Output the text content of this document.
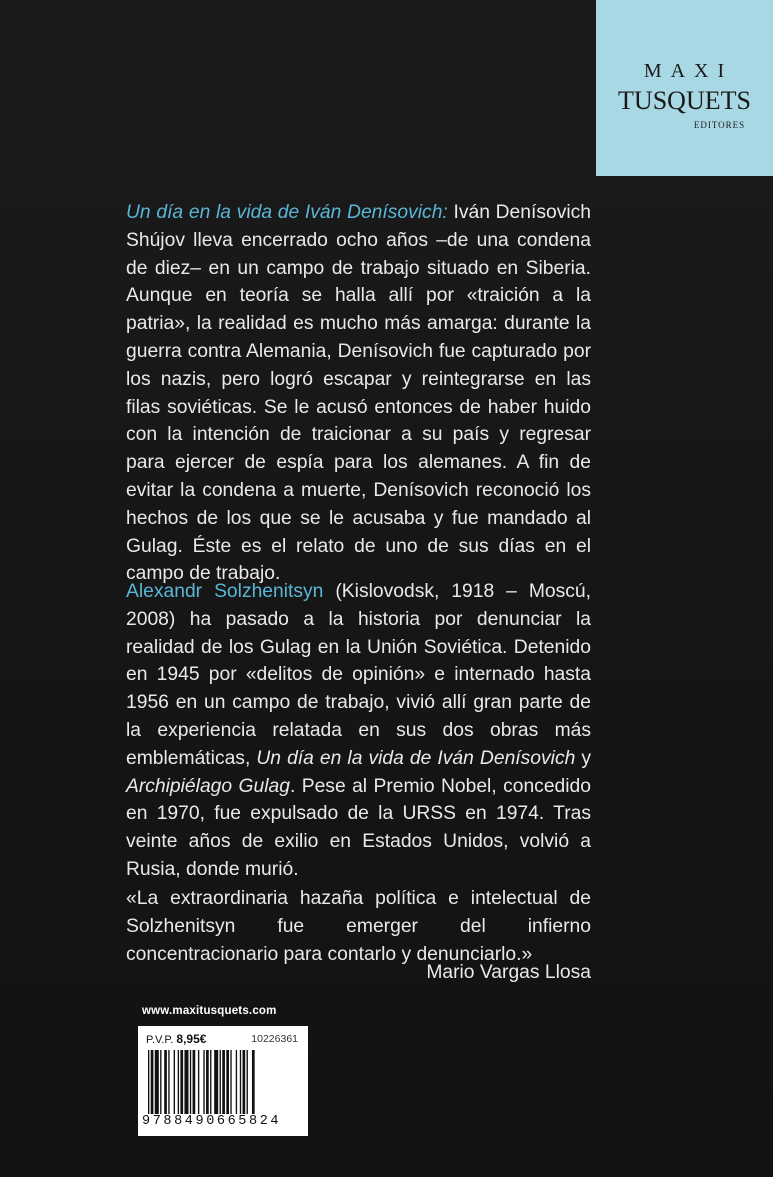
MAXI
TUSQUETS
EDITORES

Un día en la vida de Iván Denísovich: Iván Denísovich Shújov lleva encerrado ocho años –de una condena de diez– en un campo de trabajo situado en Siberia. Aunque en teoría se halla allí por «traición a la patria», la realidad es mucho más amarga: durante la guerra contra Alemania, Denísovich fue capturado por los nazis, pero logró escapar y reintegrarse en las filas soviéticas. Se le acusó entonces de haber huido con la intención de traicionar a su país y regresar para ejercer de espía para los alemanes. A fin de evitar la condena a muerte, Denísovich reconoció los hechos de los que se le acusaba y fue mandado al Gulag. Éste es el relato de uno de sus días en el campo de trabajo.

Alexandr Solzhenitsyn (Kislovodsk, 1918 – Moscú, 2008) ha pasado a la historia por denunciar la realidad de los Gulag en la Unión Soviética. Detenido en 1945 por «delitos de opinión» e internado hasta 1956 en un campo de trabajo, vivió allí gran parte de la experiencia relatada en sus dos obras más emblemáticas, Un día en la vida de Iván Denísovich y Archipiélago Gulag. Pese al Premio Nobel, concedido en 1970, fue expulsado de la URSS en 1974. Tras veinte años de exilio en Estados Unidos, volvió a Rusia, donde murió.

«La extraordinaria hazaña política e intelectual de Solzhenitsyn fue emerger del infierno concentracionario para contarlo y denunciarlo.»

Mario Vargas Llosa
www.maxitusquets.com
P.V.P. 8,95€	10226361
9788490665824
